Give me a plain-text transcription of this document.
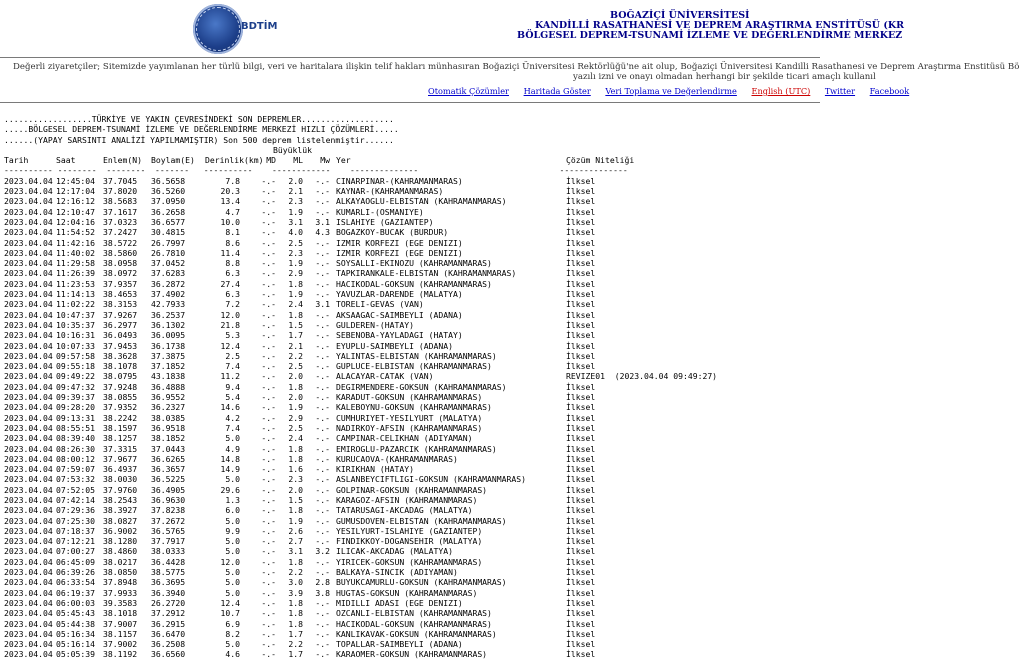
BDTİM
BOĞAZİÇİ ÜNİVERSİTESİ
KANDİLLİ RASATHANESİ VE DEPREM ARAŞTIRMA ENSTİTÜSÜ (KR
BÖLGESEL DEPREM-TSUNAMİ İZLEME VE DEĞERLENDİRME MERKEZ
Değerli ziyaretçiler; Sitemizde yayımlanan her türlü bilgi, veri ve haritalara ilişkin telif hakları münhasıran Boğaziçi Üniversitesi Rektörlüğü'ne ait olup, Boğaziçi Üniversitesi Kandilli Rasathanesi ve Deprem Araştırma Enstitüsü Bö
yazılı izni ve onayı olmadan herhangi bir şekilde ticari amaçlı kullanıl
Otomatik Çözümler Haritada Göster Veri Toplama ve Değerlendirme English (UTC) Twitter Facebook
..................TÜRKİYE VE YAKIN ÇEVRESİNDEKİ SON DEPREMLER...................
.....BÖLGESEL DEPREM-TSUNAMİ İZLEME VE DEĞERLENDİRME MERKEZİ HIZLI ÇÖZÜMLERİ.....
......(YAPAY SARSINTI ANALİZİ YAPILMAMIŞTIR) Son 500 deprem listelenmiştir......
Büyüklük
Tarih	Saat	Enlem(N) Boylam(E) Derinlik(km) MD ML Mw Yer	Çözüm Niteliği
---------- --------  --------  -------   ----------    ------------    --------------                             --------------
2023.04.04 12:45:04 37.7045 36.5658	7.8	-.- 2.0 -.- CINARPINAR-(KAHRAMANMARAS)	İlksel
2023.04.04 12:17:04 37.8020 36.5260	20.3	-.- 2.1 -.- KAYNAR-(KAHRAMANMARAS)	İlksel
2023.04.04 12:16:12 38.5683 37.0950	13.4	-.- 2.3 -.- ALKAYAOGLU-ELBISTAN (KAHRAMANMARAS)	İlksel
2023.04.04 12:10:47 37.1617 36.2658	4.7	-.- 1.9 -.- KUMARLI-(OSMANIYE)	İlksel
2023.04.04 12:04:16 37.0323 36.6577	10.0	-.- 3.1 3.1 ISLAHIYE (GAZIANTEP)	İlksel
2023.04.04 11:54:52 37.2427 30.4815	8.1	-.- 4.0 4.3 BOGAZKOY-BUCAK (BURDUR)	İlksel
2023.04.04 11:42:16 38.5722 26.7997	8.6	-.- 2.5 -.- IZMIR KORFEZI (EGE DENIZI)	İlksel
2023.04.04 11:40:02 38.5860 26.7810	11.4	-.- 2.3 -.- IZMIR KORFEZI (EGE DENIZI)	İlksel
2023.04.04 11:29:58 38.0958 37.0452	8.8	-.- 1.9 -.- SOYSALLI-EKINOZU (KAHRAMANMARAS)	İlksel
2023.04.04 11:26:39 38.0972 37.6283	6.3	-.- 2.9 -.- TAPKIRANKALE-ELBISTAN (KAHRAMANMARAS)	İlksel
2023.04.04 11:23:53 37.9357 36.2872	27.4	-.- 1.8 -.- HACIKODAL-GOKSUN (KAHRAMANMARAS)	İlksel
2023.04.04 11:14:13 38.4653 37.4902	6.3	-.- 1.9 -.- YAVUZLAR-DARENDE (MALATYA)	İlksel
2023.04.04 11:02:22 38.3153 42.7933	7.2	-.- 2.4 3.1 TORELI-GEVAS (VAN)	İlksel
2023.04.04 10:47:37 37.9267 36.2537	12.0	-.- 1.8 -.- AKSAAGAC-SAIMBEYLI (ADANA)	İlksel
2023.04.04 10:35:37 36.2977 36.1302	21.8	-.- 1.5 -.- GULDEREN-(HATAY)	İlksel
2023.04.04 10:16:31 36.0493 36.0095	5.3	-.- 1.7 -.- SEBENOBA-YAYLADAGI (HATAY)	İlksel
2023.04.04 10:07:33 37.9453 36.1738	12.4	-.- 2.1 -.- EYUPLU-SAIMBEYLI (ADANA)	İlksel
2023.04.04 09:57:58 38.3628 37.3875	2.5	-.- 2.2 -.- YALINTAS-ELBISTAN (KAHRAMANMARAS)	İlksel
2023.04.04 09:55:18 38.1078 37.1852	7.4	-.- 2.5 -.- GUPLUCE-ELBISTAN (KAHRAMANMARAS)	İlksel
2023.04.04 09:49:22 38.0795 43.1838	11.2	-.- 2.0 -.- ALACAYAR-CATAK (VAN)	REVIZE01  (2023.04.04 09:49:27)
2023.04.04 09:47:32 37.9248 36.4888	9.4	-.- 1.8 -.- DEGIRMENDERE-GOKSUN (KAHRAMANMARAS)	İlksel
2023.04.04 09:39:37 38.0855 36.9552	5.4	-.- 2.0 -.- KARADUT-GOKSUN (KAHRAMANMARAS)	İlksel
2023.04.04 09:28:20 37.9352 36.2327	14.6	-.- 1.9 -.- KALEBOYNU-GOKSUN (KAHRAMANMARAS)	İlksel
2023.04.04 09:13:31 38.2242 38.0385	4.2	-.- 2.9 -.- CUMHURIYET-YESILYURT (MALATYA)	İlksel
2023.04.04 08:55:51 38.1597 36.9518	7.4	-.- 2.5 -.- NADIRKOY-AFSIN (KAHRAMANMARAS)	İlksel
2023.04.04 08:39:40 38.1257 38.1852	5.0	-.- 2.4 -.- CAMPINAR-CELIKHAN (ADIYAMAN)	İlksel
2023.04.04 08:26:30 37.3315 37.0443	4.9	-.- 1.8 -.- EMIROGLU-PAZARCIK (KAHRAMANMARAS)	İlksel
2023.04.04 08:00:12 37.9677 36.6265	14.8	-.- 1.8 -.- KURUCAOVA-(KAHRAMANMARAS)	İlksel
2023.04.04 07:59:07 36.4937 36.3657	14.9	-.- 1.6 -.- KIRIKHAN (HATAY)	İlksel
2023.04.04 07:53:32 38.0030 36.5225	5.0	-.- 2.3 -.- ASLANBEYCIFTLIGI-GOKSUN (KAHRAMANMARAS)	İlksel
2023.04.04 07:52:05 37.9760 36.4905	29.6	-.- 2.0 -.- GOLPINAR-GOKSUN (KAHRAMANMARAS)	İlksel
2023.04.04 07:42:14 38.2543 36.9630	1.3	-.- 1.5 -.- KARAGOZ-AFSIN (KAHRAMANMARAS)	İlksel
2023.04.04 07:29:36 38.3927 37.8238	6.0	-.- 1.8 -.- TATARUSAGI-AKCADAG (MALATYA)	İlksel
2023.04.04 07:25:30 38.0827 37.2672	5.0	-.- 1.9 -.- GUMUSDOVEN-ELBISTAN (KAHRAMANMARAS)	İlksel
2023.04.04 07:18:37 36.9002 36.5765	9.9	-.- 2.6 -.- YESILYURT-ISLAHIYE (GAZIANTEP)	İlksel
2023.04.04 07:12:21 38.1280 37.7917	5.0	-.- 2.7 -.- FINDIKKOY-DOGANSEHIR (MALATYA)	İlksel
2023.04.04 07:00:27 38.4860 38.0333	5.0	-.- 3.1 3.2 ILICAK-AKCADAG (MALATYA)	İlksel
2023.04.04 06:45:09 38.0217 36.4428	12.0	-.- 1.8 -.- YIRICEK-GOKSUN (KAHRAMANMARAS)	İlksel
2023.04.04 06:39:26 38.0850 38.5775	5.0	-.- 2.2 -.- BALKAYA-SINCIK (ADIYAMAN)	İlksel
2023.04.04 06:33:54 37.8948 36.3695	5.0	-.- 3.0 2.8 BUYUKCAMURLU-GOKSUN (KAHRAMANMARAS)	İlksel
2023.04.04 06:19:37 37.9933 36.3940	5.0	-.- 3.9 3.8 HUGTAS-GOKSUN (KAHRAMANMARAS)	İlksel
2023.04.04 06:00:03 39.3583 26.2720	12.4	-.- 1.8 -.- MIDILLI ADASI (EGE DENIZI)	İlksel
2023.04.04 05:45:43 38.1018 37.2912	10.7	-.- 1.8 -.- OZCANLI-ELBISTAN (KAHRAMANMARAS)	İlksel
2023.04.04 05:44:38 37.9007 36.2915	6.9	-.- 1.8 -.- HACIKODAL-GOKSUN (KAHRAMANMARAS)	İlksel
2023.04.04 05:16:34 38.1157 36.6470	8.2	-.- 1.7 -.- KANLIKAVAK-GOKSUN (KAHRAMANMARAS)	İlksel
2023.04.04 05:16:14 37.9002 36.2508	5.0	-.- 2.2 -.- TOPALLAR-SAIMBEYLI (ADANA)	İlksel
2023.04.04 05:05:39 38.1192 36.6560	4.6	-.- 1.7 -.- KARAOMER-GOKSUN (KAHRAMANMARAS)	İlksel
